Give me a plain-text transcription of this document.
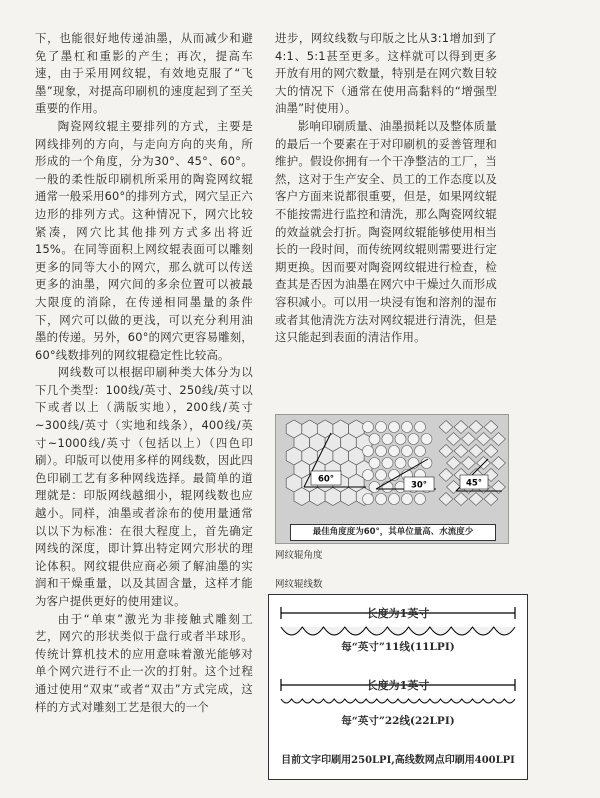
下，也能很好地传递油墨，从而减少和避免了墨杠和重影的产生；再次，提高车速，由于采用网纹辊，有效地克服了“飞墨”现象，对提高印刷机的速度起到了至关重要的作用。

陶瓷网纹辊主要排列的方式，主要是网线排列的方向，与走向方向的夹角，所形成的一个角度，分为30°、45°、60°。一般的柔性版印刷机所采用的陶瓷网纹辊通常一般采用60°的排列方式，网穴呈正六边形的排列方式。这种情况下，网穴比较紧凑，网穴比其他排列方式多出将近15%。在同等面积上网纹辊表面可以雕刻更多的同等大小的网穴，那么就可以传送更多的油墨，网穴间的多余位置可以被最大限度的消除，在传递相同墨量的条件下，网穴可以做的更浅，可以充分利用油墨的传递。另外，60°的网穴更容易雕刻，60°线数排列的网纹辊稳定性比较高。

网线数可以根据印刷种类大体分为以下几个类型：100线/英寸、250线/英寸以下或者以上（满版实地），200线/英寸~300线/英寸（实地和线条），400线/英寸~1000线/英寸（包括以上）（四色印刷）。印版可以使用多样的网线数，因此四色印刷工艺有多种网线选择。最简单的道理就是：印版网线越细小，辊网线数也应越小。同样，油墨或者涂布的使用量通常以以下为标准：在很大程度上，首先确定网线的深度，即计算出特定网穴形状的理论体积。网纹辊供应商必须了解油墨的实润和干燥重量，以及其固含量，这样才能为客户提供更好的使用建议。

由于“单束”激光为非接触式雕刻工艺，网穴的形状类似于盘行或者半球形。传统计算机技术的应用意味着激光能够对单个网穴进行不止一次的打射。这个过程通过使用“双束”或者“双击”方式完成，这样的方式对雕刻工艺是很大的一个

进步，网纹线数与印版之比从3:1增加到了4:1、5:1甚至更多。这样就可以得到更多开放有用的网穴数量，特别是在网穴数目较大的情况下（通常在使用高黏料的“增强型油墨”时使用）。

影响印刷质量、油墨损耗以及整体质量的最后一个要素在于对印刷机的妥善管理和维护。假设你拥有一个干净整洁的工厂，当然，这对于生产安全、员工的工作态度以及客户方面来说都很重要，但是，如果网纹辊不能按需进行监控和清洗，那么陶瓷网纹辊的效益就会打折。陶瓷网纹辊能够使用相当长的一段时间，而传统网纹辊则需要进行定期更换。因而要对陶瓷网纹辊进行检查，检查其是否因为油墨在网穴中干燥过久而形成容积减小。可以用一块浸有饱和溶剂的湿布或者其他清洗方法对网纹辊进行清洗，但是这只能起到表面的清洁作用。

60°
30°	45°
最佳角度度为60°，其单位量高、水流度少
网纹辊角度
网纹辊线数
长度为1英寸
每“英寸”11线(11LPI)
长度为1英寸
每“英寸”22线(22LPI)
目前文字印刷用250LPI,高线数网点印刷用400LPI
